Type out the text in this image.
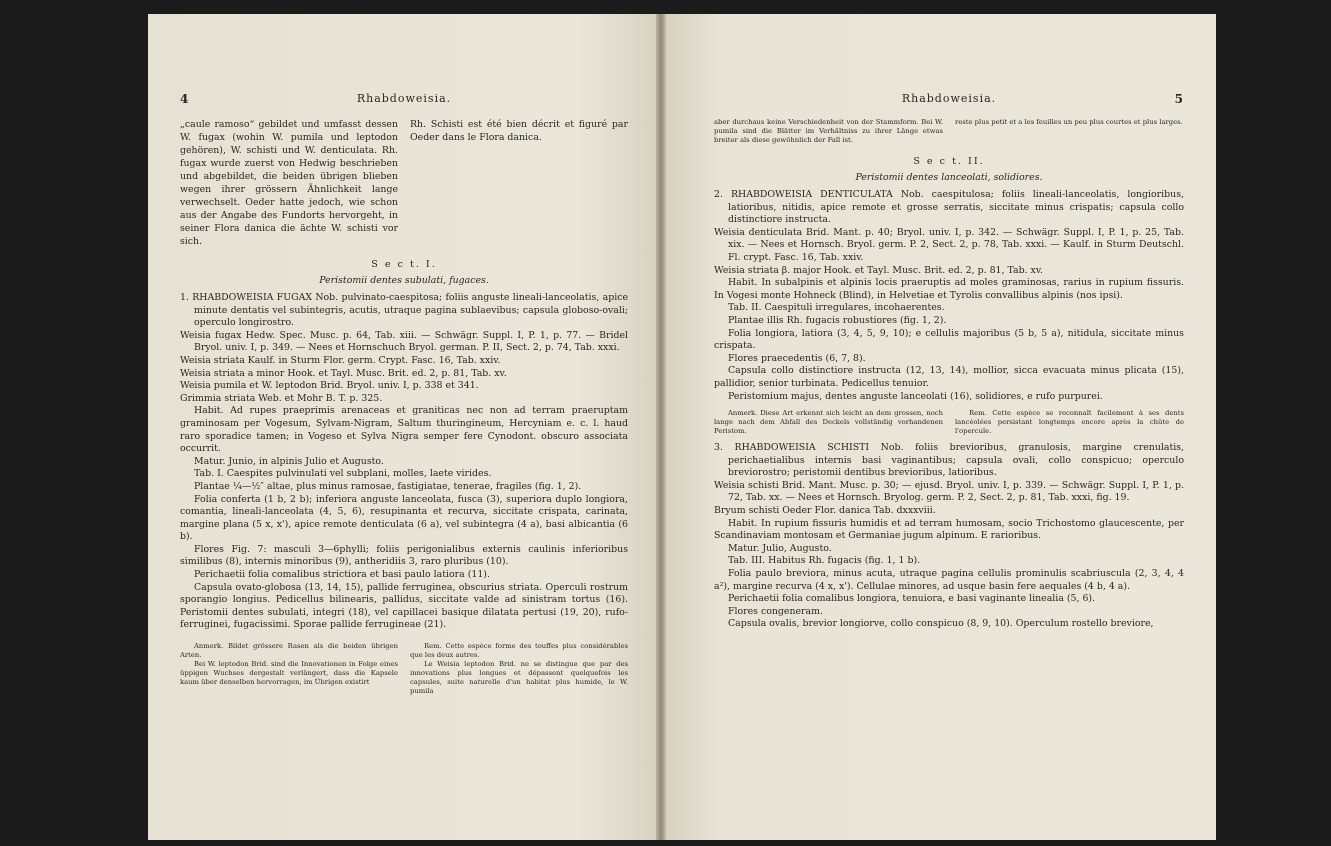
4	Rhabdoweisia.

„caule ramoso“ gebildet und umfasst dessen W. fugax (wohin W. pumila und leptodon gehören), W. schisti und W. denticulata. Rh. fugax wurde zuerst von Hedwig beschrieben und abgebildet, die beiden übrigen blieben wegen ihrer grössern Ähnlichkeit lange verwechselt. Oeder hatte jedoch, wie schon aus der Angabe des Fundorts hervorgeht, in seiner Flora danica die ächte W. schisti vor sich.

Rh. Schisti est été bien décrit et figuré par Oeder dans le Flora danica.

S e c t. I.

Peristomii dentes subulati, fugaces.

1. RHABDOWEISIA FUGAX Nob. pulvinato-caespitosa; foliis anguste lineali-lanceolatis, apice minute dentatis vel subintegris, acutis, utraque pagina sublaevibus; capsula globoso-ovali; operculo longirostro.

Weisia fugax Hedw. Spec. Musc. p. 64, Tab. xiii. — Schwägr. Suppl. I, P. 1, p. 77. — Bridel Bryol. univ. I, p. 349. — Nees et Hornschuch Bryol. german. P. II, Sect. 2, p. 74, Tab. xxxi.

Weisia striata Kaulf. in Sturm Flor. germ. Crypt. Fasc. 16, Tab. xxiv.

Weisia striata a minor Hook. et Tayl. Musc. Brit. ed. 2, p. 81, Tab. xv.

Weisia pumila et W. leptodon Brid. Bryol. univ. I, p. 338 et 341.

Grimmia striata Web. et Mohr B. T. p. 325.

Habit. Ad rupes praeprimis arenaceas et graniticas nec non ad terram praeruptam graminosam per Vogesum, Sylvam-Nigram, Saltum thuringineum, Hercyniam e. c. l. haud raro sporadice tamen; in Vogeso et Sylva Nigra semper fere Cynodont. obscuro associata occurrit.

Matur. Junio, in alpinis Julio et Augusto.

Tab. I. Caespites pulvinulati vel subplani, molles, laete virides.

Plantae ¼—½″ altae, plus minus ramosae, fastigiatae, tenerae, fragiles (fig. 1, 2).

Folia conferta (1 b, 2 b); inferiora anguste lanceolata, fusca (3), superiora duplo longiora, comantia, lineali-lanceolata (4, 5, 6), resupinanta et recurva, siccitate crispata, carinata, margine plana (5 x, x'), apice remote denticulata (6 a), vel subintegra (4 a), basi albicantia (6 b).

Flores Fig. 7: masculi 3—6phylli; foliis perigonialibus externis caulinis inferioribus similibus (8), internis minoribus (9), antheridiis 3, raro pluribus (10).

Perichaetii folia comalibus strictiora et basi paulo latiora (11).

Capsula ovato-globosa (13, 14, 15), pallide ferruginea, obscurius striata. Operculi rostrum sporangio longius. Pedicellus bilinearis, pallidus, siccitate valde ad sinistram tortus (16). Peristomii dentes subulati, integri (18), vel capillacei basique dilatata pertusi (19, 20), rufo-ferruginei, fugacissimi. Sporae pallide ferrugineae (21).

Anmerk. Bildet grössere Rasen als die beiden übrigen Arten.

Bei W. leptodon Brid. sind die Innovationen in Folge eines üppigen Wuchses dergestalt verlängert, dass die Kapsele kaum über denselben hervorragen, im Übrigen existirt

Rem. Cette espèce forme des touffes plus considérables que les deux autres.

Le Weisia leptodon Brid. ne se distingue que par des innovations plus longues et dépassent quelquefois les capsules, suite naturelle d'un habitat plus humide, le W. pumila

Rhabdoweisia.	5

aber durchaus keine Verschiedenheit von der Stammform. Bei W. pumila sind die Blätter im Verhältniss zu ihrer Länge etwas breiter als diese gewöhnlich der Fall ist.

reste plus petit et a les feuilles un peu plus courtes et plus larges.

S e c t. II.

Peristomii dentes lanceolati, solidiores.

2. RHABDOWEISIA DENTICULATA Nob. caespitulosa; foliis lineali-lanceolatis, longioribus, latioribus, nitidis, apice remote et grosse serratis, siccitate minus crispatis; capsula collo distinctiore instructa.

Weisia denticulata Brid. Mant. p. 40; Bryol. univ. I, p. 342. — Schwägr. Suppl. I, P. 1, p. 25, Tab. xix. — Nees et Hornsch. Bryol. germ. P. 2, Sect. 2, p. 78, Tab. xxxi. — Kaulf. in Sturm Deutschl. Fl. crypt. Fasc. 16, Tab. xxiv.

Weisia striata β. major Hook. et Tayl. Musc. Brit. ed. 2, p. 81, Tab. xv.

Habit. In subalpinis et alpinis locis praeruptis ad moles graminosas, rarius in rupium fissuris. In Vogesi monte Hohneck (Blind), in Helvetiae et Tyrolis convallibus alpinis (nos ipsi).

Tab. II. Caespituli irregulares, incohaerentes.

Plantae illis Rh. fugacis robustiores (fig. 1, 2).

Folia longiora, latiora (3, 4, 5, 9, 10); e cellulis majoribus (5 b, 5 a), nitidula, siccitate minus crispata.

Flores praecedentis (6, 7, 8).

Capsula collo distinctiore instructa (12, 13, 14), mollior, sicca evacuata minus plicata (15), pallidior, senior turbinata. Pedicellus tenuior.

Peristomium majus, dentes anguste lanceolati (16), solidiores, e rufo purpurei.

Anmerk. Diese Art erkennt sich leicht an dem grossen, noch lange nach dem Abfall des Deckels vollständig vorhandenen Peristom.

Rem. Cette espèce se reconnaît facilement à ses dents lancéolées persistant longtemps encore après la chûte de l'opercule.

3. RHABDOWEISIA SCHISTI Nob. foliis brevioribus, granulosis, margine crenulatis, perichaetialibus internis basi vaginantibus; capsula ovali, collo conspicuo; operculo breviorostro; peristomii dentibus brevioribus, latioribus.

Weisia schisti Brid. Mant. Musc. p. 30; — ejusd. Bryol. univ. I, p. 339. — Schwägr. Suppl. I, P. 1, p. 72, Tab. xx. — Nees et Hornsch. Bryolog. germ. P. 2, Sect. 2, p. 81, Tab. xxxi, fig. 19.

Bryum schisti Oeder Flor. danica Tab. dxxxviii.

Habit. In rupium fissuris humidis et ad terram humosam, socio Trichostomo glaucescente, per Scandinaviam montosam et Germaniae jugum alpinum. E rarioribus.

Matur. Julio, Augusto.

Tab. III. Habitus Rh. fugacis (fig. 1, 1 b).

Folia paulo breviora, minus acuta, utraque pagina cellulis prominulis scabriuscula (2, 3, 4, 4 a²), margine recurva (4 x, x'). Cellulae minores, ad usque basin fere aequales (4 b, 4 a).

Perichaetii folia comalibus longiora, tenuiora, e basi vaginante linealia (5, 6).

Flores congeneram.

Capsula ovalis, brevior longiorve, collo conspicuo (8, 9, 10). Operculum rostello breviore,
